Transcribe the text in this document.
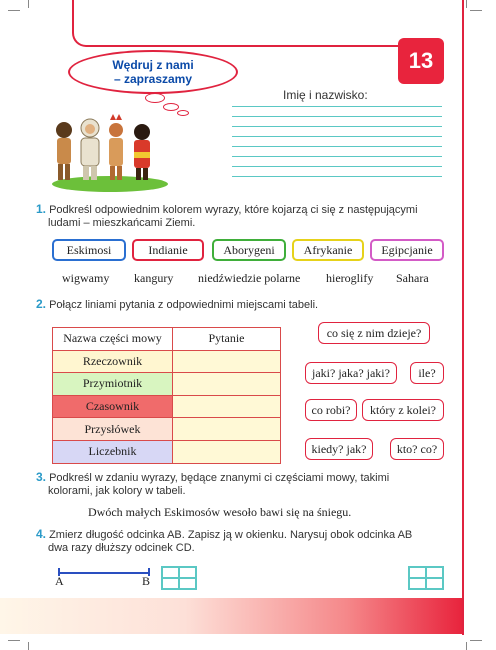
13
Wędruj z nami
– zapraszamy
Imię i nazwisko:
1. Podkreśl odpowiednim kolorem wyrazy, które kojarzą ci się z następującymi
ludami – mieszkańcami Ziemi.
Eskimosi	Indianie	Aborygeni Afrykanie Egipcjanie
wigwamy kangury niedźwiedzie polarne hieroglify Sahara
2. Połącz liniami pytania z odpowiednimi miejscami tabeli.
Nazwa części mowy	Pytanie
Rzeczownik	
Przymiotnik	
Czasownik	
Przysłówek	
Liczebnik	
co się z nim dzieje?
jaki? jaka? jaki? ile?
co robi? który z kolei?
kiedy? jak?	kto? co?
3. Podkreśl w zdaniu wyrazy, będące znanymi ci częściami mowy, takimi
kolorami, jak kolory w tabeli.
Dwóch małych Eskimosów wesoło bawi się na śniegu.
4. Zmierz długość odcinka AB. Zapisz ją w okienku. Narysuj obok odcinka AB
dwa razy dłuższy odcinek CD.
A	B
